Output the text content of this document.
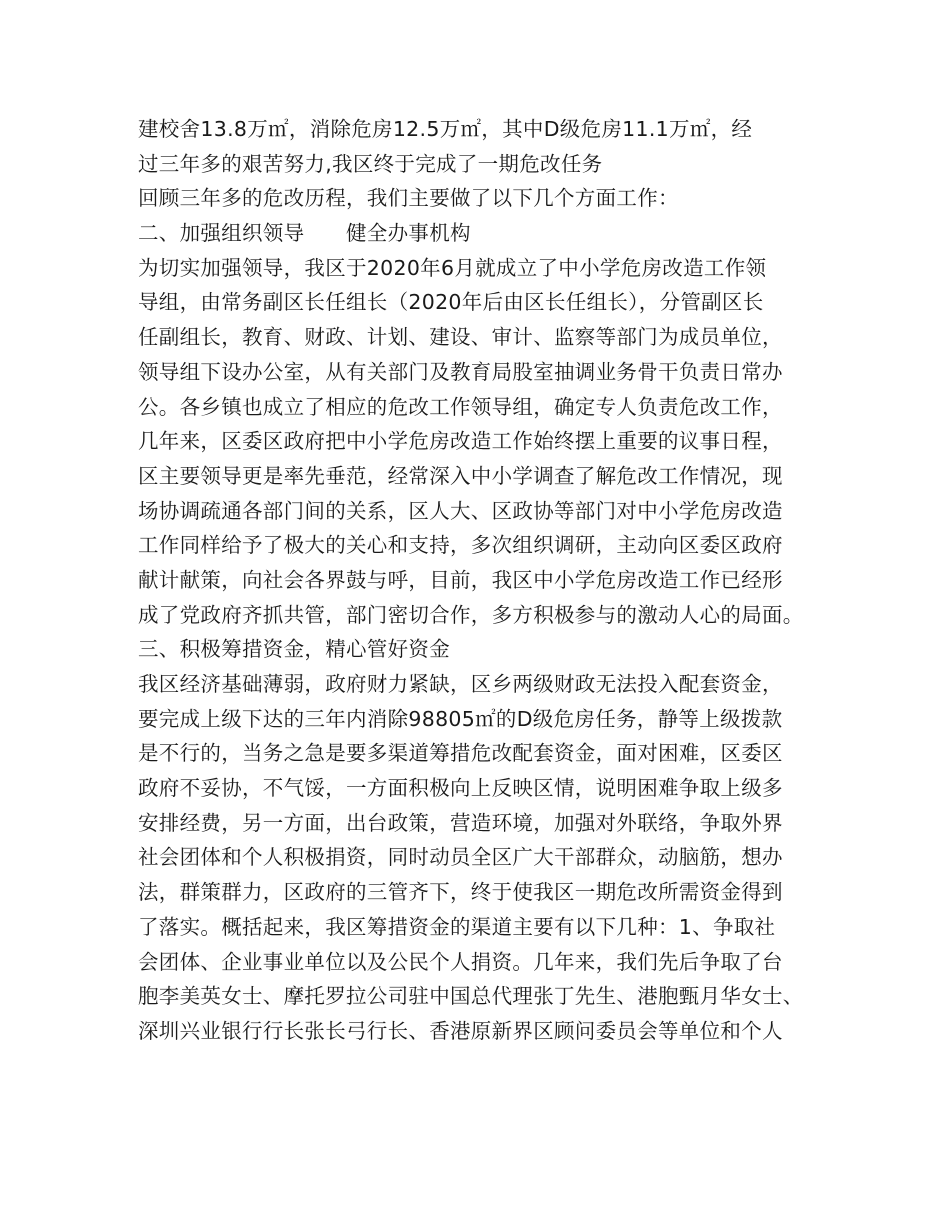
建校舍13.8万㎡，消除危房12.5万㎡，其中D级危房11.1万㎡，经
过三年多的艰苦努力,我区终于完成了一期危改任务
回顾三年多的危改历程，我们主要做了以下几个方面工作：
二、加强组织领导　　健全办事机构
为切实加强领导，我区于2020年6月就成立了中小学危房改造工作领
导组，由常务副区长任组长（2020年后由区长任组长），分管副区长
任副组长，教育、财政、计划、建设、审计、监察等部门为成员单位，
领导组下设办公室，从有关部门及教育局股室抽调业务骨干负责日常办
公。各乡镇也成立了相应的危改工作领导组，确定专人负责危改工作，
几年来，区委区政府把中小学危房改造工作始终摆上重要的议事日程，
区主要领导更是率先垂范，经常深入中小学调查了解危改工作情况，现
场协调疏通各部门间的关系，区人大、区政协等部门对中小学危房改造
工作同样给予了极大的关心和支持，多次组织调研，主动向区委区政府
献计献策，向社会各界鼓与呼，目前，我区中小学危房改造工作已经形
成了党政府齐抓共管，部门密切合作，多方积极参与的激动人心的局面。
三、积极筹措资金，精心管好资金
我区经济基础薄弱，政府财力紧缺，区乡两级财政无法投入配套资金，
要完成上级下达的三年内消除98805㎡的D级危房任务，静等上级拨款
是不行的，当务之急是要多渠道筹措危改配套资金，面对困难，区委区
政府不妥协，不气馁，一方面积极向上反映区情，说明困难争取上级多
安排经费，另一方面，出台政策，营造环境，加强对外联络，争取外界
社会团体和个人积极捐资，同时动员全区广大干部群众，动脑筋，想办
法，群策群力，区政府的三管齐下，终于使我区一期危改所需资金得到
了落实。概括起来，我区筹措资金的渠道主要有以下几种：1、争取社
会团体、企业事业单位以及公民个人捐资。几年来，我们先后争取了台
胞李美英女士、摩托罗拉公司驻中国总代理张丁先生、港胞甄月华女士、
深圳兴业银行行长张长弓行长、香港原新界区顾问委员会等单位和个人
